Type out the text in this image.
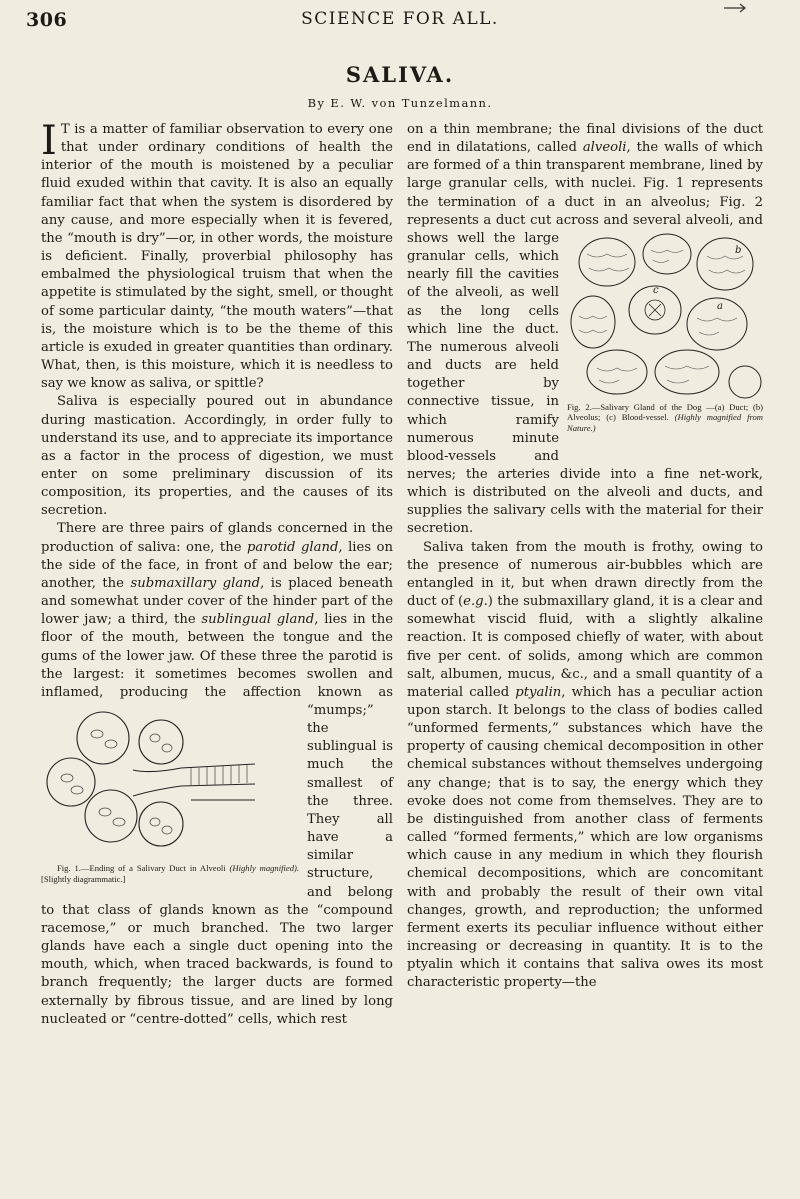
306	SCIENCE FOR ALL.
SALIVA.
By E. W. von Tunzelmann.

I T is a matter of familiar observation to every one that under ordinary conditions of health the interior of the mouth is moistened by a peculiar fluid exuded within that cavity. It is also an equally familiar fact that when the system is disordered by any cause, and more especially when it is fevered, the “mouth is dry”—or, in other words, the moisture is deficient. Finally, proverbial philosophy has embalmed the physiological truism that when the appetite is stimulated by the sight, smell, or thought of some particular dainty, “the mouth waters”—that is, the moisture which is to be the theme of this article is exuded in greater quantities than ordinary. What, then, is this moisture, which it is needless to say we know as saliva, or spittle?

Saliva is especially poured out in abundance during mastication. Accordingly, in order fully to understand its use, and to appreciate its importance as a factor in the process of digestion, we must enter on some preliminary discussion of its composition, its properties, and the causes of its secretion.

There are three pairs of glands concerned in the production of saliva: one, the parotid gland, lies on the side of the face, in front of and below the ear; another, the submaxillary gland, is placed beneath and somewhat under cover of the hinder part of the lower jaw; a third, the sublingual gland, lies in the floor of the mouth, between the tongue and the gums of the lower jaw. Of these three the parotid is the largest: it sometimes becomes swollen and inflamed, producing the
Fig. 1.—Ending of a Salivary Duct in Alveoli (Highly magnified). [Slightly diagrammatic.]
affection known as “mumps;” the sublingual is much the smallest of the three. They all have a similar structure, and belong to that class of glands known as the “compound racemose,” or much branched. The two larger glands have each a single duct opening into the mouth, which, when traced backwards, is found to branch frequently; the larger ducts are formed externally by fibrous tissue, and are lined by long nucleated or “centre-dotted” cells, which rest

on a thin membrane; the final divisions of the duct end in dilatations, called alveoli, the walls of which are formed of a thin transparent membrane, lined by large granular cells, with nuclei. Fig. 1 represents the termination of a duct in an alveolus; Fig. 2 represents a duct cut across and several alveoli, and shows well the large
a
b
c
Fig. 2.—Salivary Gland of the Dog —(a) Duct; (b) Alveolus; (c) Blood-vessel. (Highly magnified from Nature.)
granular cells, which nearly fill the cavities of the alveoli, as well as the long cells which line the duct. The numerous alveoli and ducts are held together by connective tissue, in which ramify numerous minute blood-vessels and nerves; the arteries divide into a fine net-work, which is distributed on the alveoli and ducts, and supplies the salivary cells with the material for their secretion.

Saliva taken from the mouth is frothy, owing to the presence of numerous air-bubbles which are entangled in it, but when drawn directly from the duct of (e.g.) the submaxillary gland, it is a clear and somewhat viscid fluid, with a slightly alkaline reaction. It is composed chiefly of water, with about five per cent. of solids, among which are common salt, albumen, mucus, &c., and a small quantity of a material called ptyalin, which has a peculiar action upon starch. It belongs to the class of bodies called “unformed ferments,” substances which have the property of causing chemical decomposition in other chemical substances without themselves undergoing any change; that is to say, the energy which they evoke does not come from themselves. They are to be distinguished from another class of ferments called “formed ferments,” which are low organisms which cause in any medium in which they flourish chemical decompositions, which are concomitant with and probably the result of their own vital changes, growth, and reproduction; the unformed ferment exerts its peculiar influence without either increasing or decreasing in quantity. It is to the ptyalin which it contains that saliva owes its most characteristic property—the
